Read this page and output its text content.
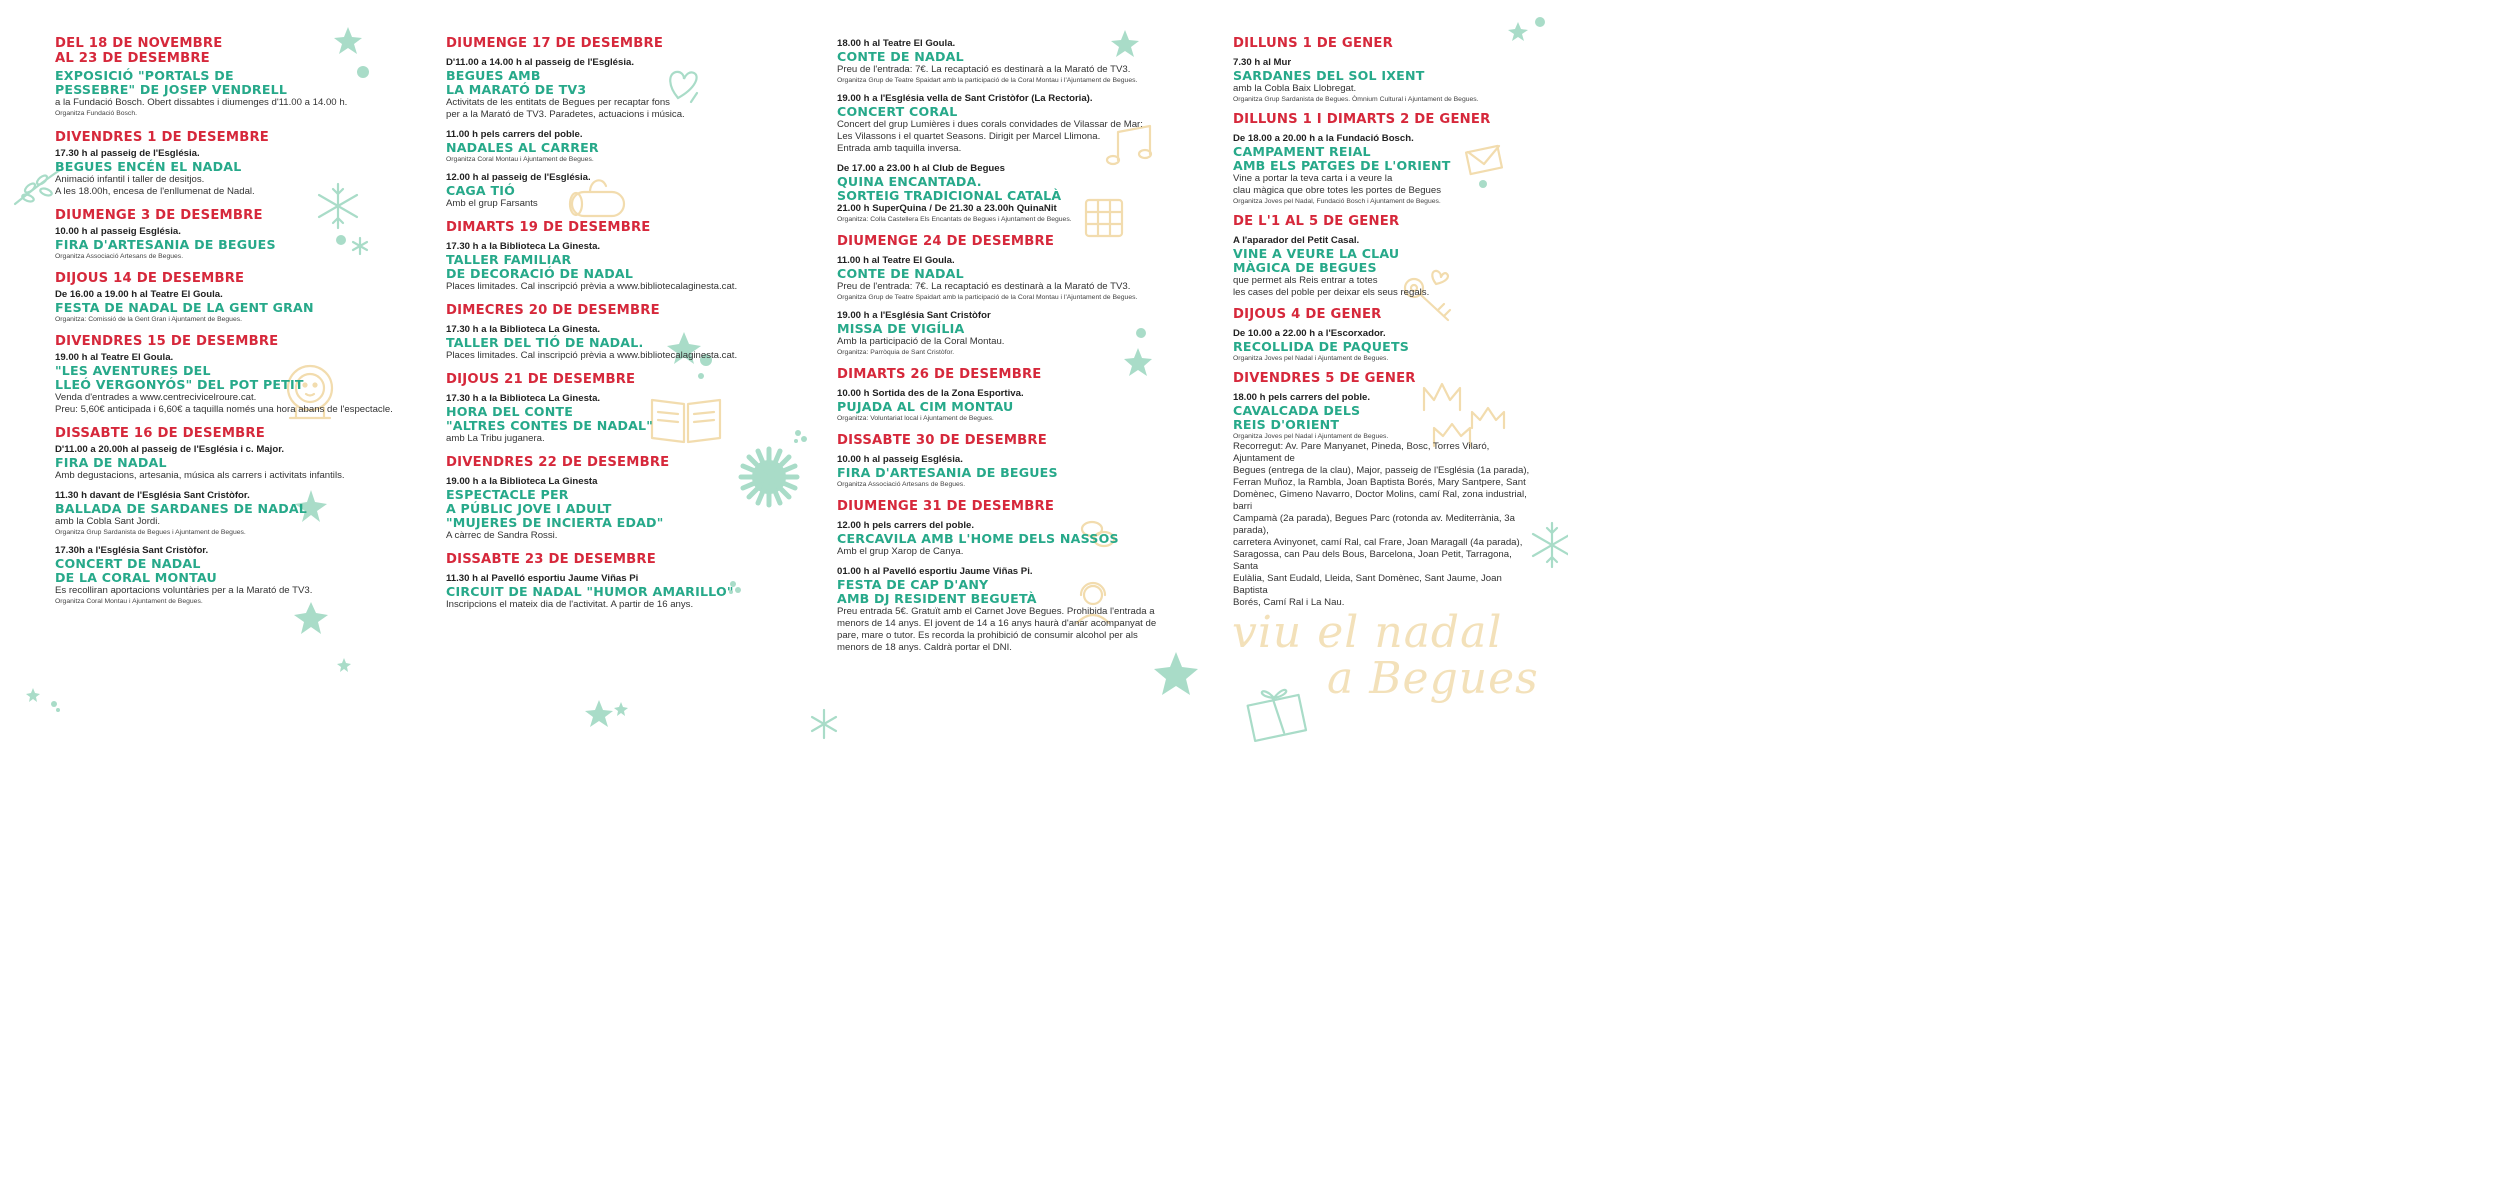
viu el nadal
a Begues
DEL 18 DE NOVEMBRE
AL 23 DE DESEMBRE
EXPOSICIÓ "PORTALS DE
PESSEBRE" DE JOSEP VENDRELL
a la Fundació Bosch. Obert dissabtes i diumenges d'11.00 a 14.00 h.
Organitza Fundació Bosch.
DIVENDRES 1 DE DESEMBRE
17.30 h al passeig de l'Església.
BEGUES ENCÉN EL NADAL
Animació infantil i taller de desitjos.
A les 18.00h, encesa de l'enllumenat de Nadal.
DIUMENGE 3 DE DESEMBRE
10.00 h al passeig Església.
FIRA D'ARTESANIA DE BEGUES
Organitza Associació Artesans de Begues.
DIJOUS 14 DE DESEMBRE
De 16.00 a 19.00 h al Teatre El Goula.
FESTA DE NADAL DE LA GENT GRAN
Organitza: Comissió de la Gent Gran i Ajuntament de Begues.
DIVENDRES 15 DE DESEMBRE
19.00 h al Teatre El Goula.
"LES AVENTURES DEL
LLEÓ VERGONYÓS" DEL POT PETIT
Venda d'entrades a www.centrecivicelroure.cat.
Preu: 5,60€ anticipada i 6,60€ a taquilla només una hora abans de l'espectacle.
DISSABTE 16 DE DESEMBRE
D'11.00 a 20.00h al passeig de l'Església i c. Major.
FIRA DE NADAL
Amb degustacions, artesania, música als carrers i activitats infantils.
11.30 h davant de l'Església Sant Cristòfor.
BALLADA DE SARDANES DE NADAL
amb la Cobla Sant Jordi.
Organitza Grup Sardanista de Begues i Ajuntament de Begues.
17.30h a l'Església Sant Cristòfor.
CONCERT DE NADAL
DE LA CORAL MONTAU
Es recolliran aportacions voluntàries per a la Marató de TV3.
Organitza Coral Montau i Ajuntament de Begues.
DIUMENGE 17 DE DESEMBRE
D'11.00 a 14.00 h al passeig de l'Església.
BEGUES AMB
LA MARATÓ DE TV3
Activitats de les entitats de Begues per recaptar fons
per a la Marató de TV3. Paradetes, actuacions i música.
11.00 h pels carrers del poble.
NADALES AL CARRER
Organitza Coral Montau i Ajuntament de Begues.
12.00 h al passeig de l'Església.
CAGA TIÓ
Amb el grup Farsants
DIMARTS 19 DE DESEMBRE
17.30 h a la Biblioteca La Ginesta.
TALLER FAMILIAR
DE DECORACIÓ DE NADAL
Places limitades. Cal inscripció prèvia a www.bibliotecalaginesta.cat.
DIMECRES 20 DE DESEMBRE
17.30 h a la Biblioteca La Ginesta.
TALLER DEL TIÓ DE NADAL.
Places limitades. Cal inscripció prèvia a www.bibliotecalaginesta.cat.
DIJOUS 21 DE DESEMBRE
17.30 h a la Biblioteca La Ginesta.
HORA DEL CONTE
"ALTRES CONTES DE NADAL"
amb La Tribu juganera.
DIVENDRES 22 DE DESEMBRE
19.00 h a la Biblioteca La Ginesta
ESPECTACLE PER
A PÚBLIC JOVE I ADULT
"MUJERES DE INCIERTA EDAD"
A càrrec de Sandra Rossi.
DISSABTE 23 DE DESEMBRE
11.30 h al Pavelló esportiu Jaume Viñas Pi
CIRCUIT DE NADAL "HUMOR AMARILLO"
Inscripcions el mateix dia de l'activitat. A partir de 16 anys.
18.00 h al Teatre El Goula.
CONTE DE NADAL
Preu de l'entrada: 7€. La recaptació es destinarà a la Marató de TV3.
Organitza Grup de Teatre Spaidart amb la participació de la Coral Montau i l'Ajuntament de Begues.
19.00 h a l'Església vella de Sant Cristòfor (La Rectoria).
CONCERT CORAL
Concert del grup Lumières i dues corals convidades de Vilassar de Mar:
Les Vilassons i el quartet Seasons. Dirigit per Marcel Llimona.
Entrada amb taquilla inversa.
De 17.00 a 23.00 h al Club de Begues
QUINA ENCANTADA.
SORTEIG TRADICIONAL CATALÀ
21.00 h SuperQuina / De 21.30 a 23.00h QuinaNit
Organitza: Colla Castellera Els Encantats de Begues i Ajuntament de Begues.
DIUMENGE 24 DE DESEMBRE
11.00 h al Teatre El Goula.
CONTE DE NADAL
Preu de l'entrada: 7€. La recaptació es destinarà a la Marató de TV3.
Organitza Grup de Teatre Spaidart amb la participació de la Coral Montau i l'Ajuntament de Begues.
19.00 h a l'Església Sant Cristòfor
MISSA DE VIGÍLIA
Amb la participació de la Coral Montau.
Organitza: Parròquia de Sant Cristòfor.
DIMARTS 26 DE DESEMBRE
10.00 h Sortida des de la Zona Esportiva.
PUJADA AL CIM MONTAU
Organitza: Voluntariat local i Ajuntament de Begues.
DISSABTE 30 DE DESEMBRE
10.00 h al passeig Església.
FIRA D'ARTESANIA DE BEGUES
Organitza Associació Artesans de Begues.
DIUMENGE 31 DE DESEMBRE
12.00 h pels carrers del poble.
CERCAVILA AMB L'HOME DELS NASSOS
Amb el grup Xarop de Canya.
01.00 h al Pavelló esportiu Jaume Viñas Pi.
FESTA DE CAP D'ANY
AMB DJ RESIDENT BEGUETÀ
Preu entrada 5€. Gratuït amb el Carnet Jove Begues. Prohibida l'entrada a
menors de 14 anys. El jovent de 14 a 16 anys haurà d'anar acompanyat de
pare, mare o tutor. Es recorda la prohibició de consumir alcohol per als
menors de 18 anys. Caldrà portar el DNI.
DILLUNS 1 DE GENER
7.30 h al Mur
SARDANES DEL SOL IXENT
amb la Cobla Baix Llobregat.
Organitza Grup Sardanista de Begues. Òmnium Cultural i Ajuntament de Begues.
DILLUNS 1 I DIMARTS 2 DE GENER
De 18.00 a 20.00 h a la Fundació Bosch.
CAMPAMENT REIAL
AMB ELS PATGES DE L'ORIENT
Vine a portar la teva carta i a veure la
clau màgica que obre totes les portes de Begues
Organitza Joves pel Nadal, Fundació Bosch i Ajuntament de Begues.
DE L'1 AL 5 DE GENER
A l'aparador del Petit Casal.
VINE A VEURE LA CLAU
MÀGICA DE BEGUES
que permet als Reis entrar a totes
les cases del poble per deixar els seus regals.
DIJOUS 4 DE GENER
De 10.00 a 22.00 h a l'Escorxador.
RECOLLIDA DE PAQUETS
Organitza Joves pel Nadal i Ajuntament de Begues.
DIVENDRES 5 DE GENER
18.00 h pels carrers del poble.
CAVALCADA DELS
REIS D'ORIENT
Organitza Joves pel Nadal i Ajuntament de Begues.
Recorregut: Av. Pare Manyanet, Pineda, Bosc, Torres Vilaró, Ajuntament de
Begues (entrega de la clau), Major, passeig de l'Església (1a parada),
Ferran Muñoz, la Rambla, Joan Baptista Borés, Mary Santpere, Sant
Domènec, Gimeno Navarro, Doctor Molins, camí Ral, zona industrial, barri
Campamà (2a parada), Begues Parc (rotonda av. Mediterrània, 3a parada),
carretera Avinyonet, camí Ral, cal Frare, Joan Maragall (4a parada),
Saragossa, can Pau dels Bous, Barcelona, Joan Petit, Tarragona, Santa
Eulàlia, Sant Eudald, Lleida, Sant Domènec, Sant Jaume, Joan Baptista
Borés, Camí Ral i La Nau.
